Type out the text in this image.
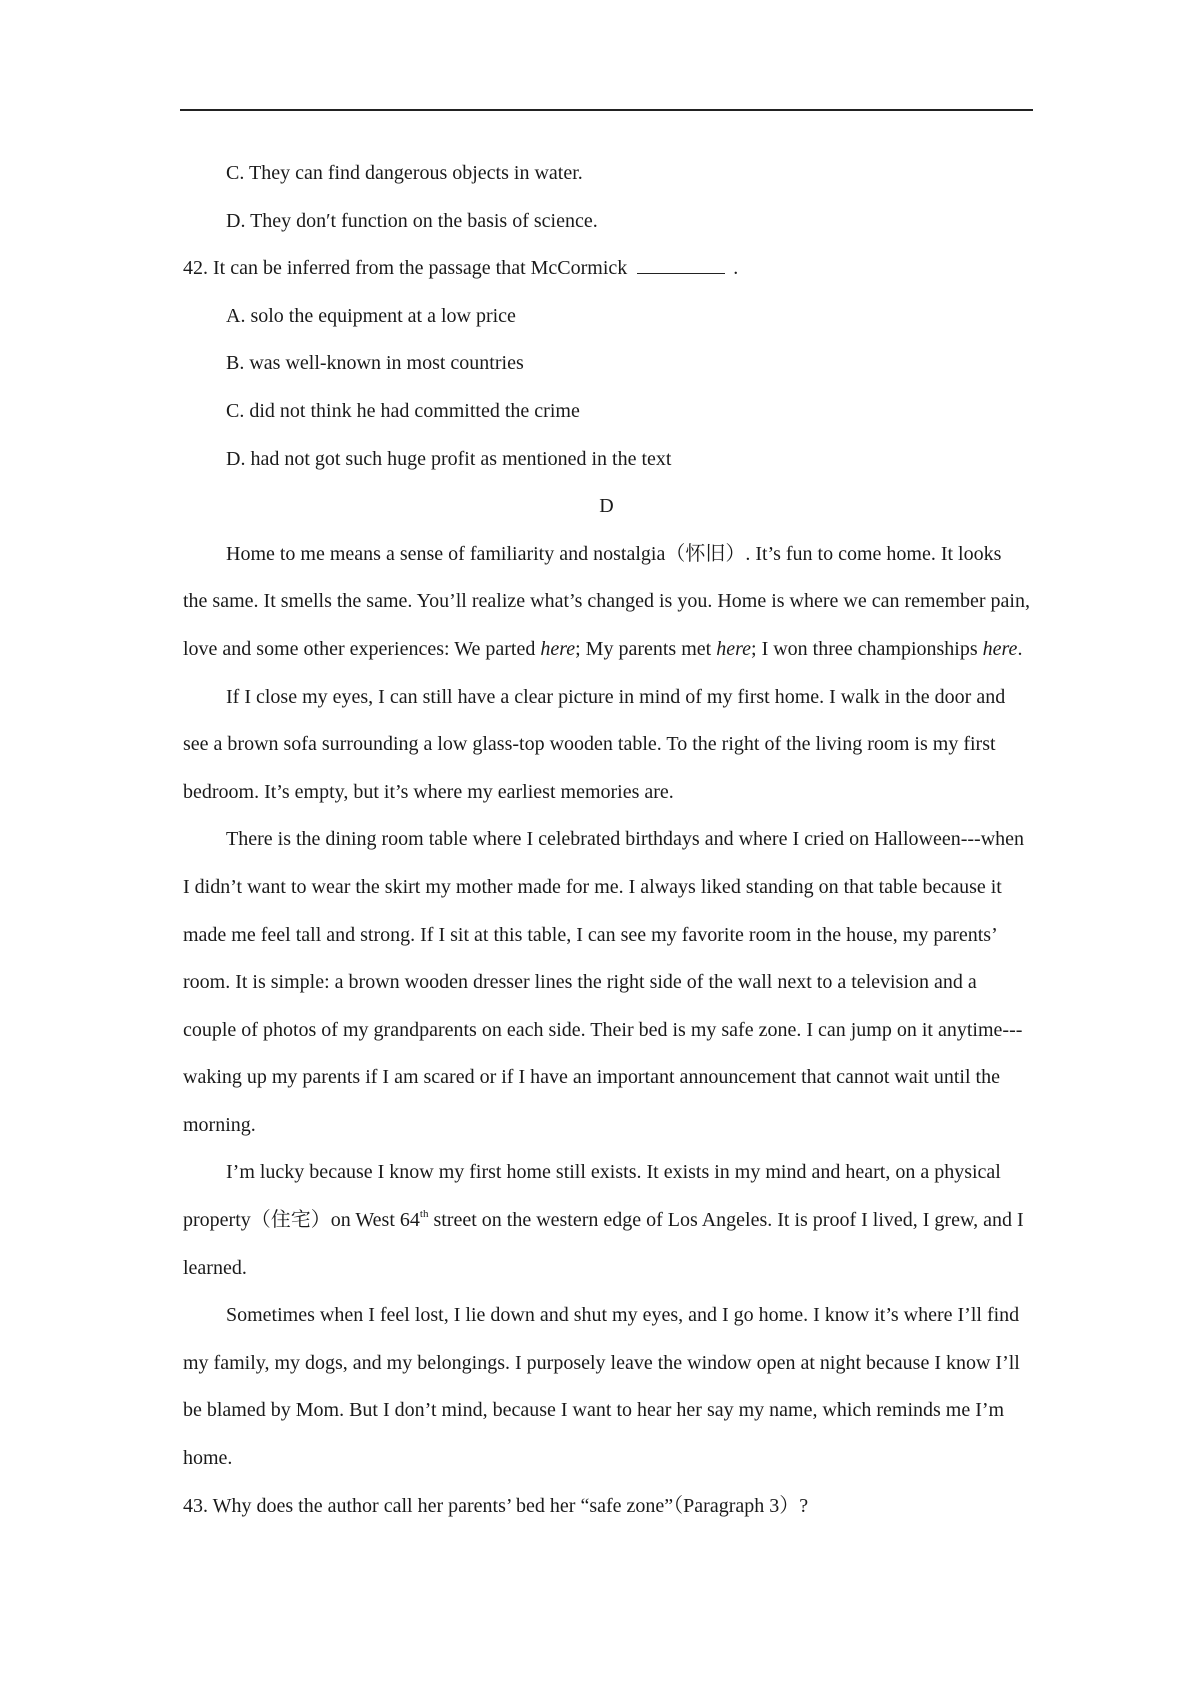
C. They can find dangerous objects in water.

D. They don′t function on the basis of science.

42. It can be inferred from the passage that McCormick	.

A. solo the equipment at a low price

B. was well-known in most countries

C. did not think he had committed the crime

D. had not got such huge profit as mentioned in the text

D

Home to me means a sense of familiarity and nostalgia（怀旧）. It’s fun to come home. It looks the same. It smells the same. You’ll realize what’s changed is you. Home is where we can remember pain, love and some other experiences: We parted here; My parents met here; I won three championships here.

If I close my eyes, I can still have a clear picture in mind of my first home. I walk in the door and see a brown sofa surrounding a low glass-top wooden table. To the right of the living room is my first bedroom. It’s empty, but it’s where my earliest memories are.

There is the dining room table where I celebrated birthdays and where I cried on Halloween---when I didn’t want to wear the skirt my mother made for me. I always liked standing on that table because it made me feel tall and strong. If I sit at this table, I can see my favorite room in the house, my parents’ room. It is simple: a brown wooden dresser lines the right side of the wall next to a television and a couple of photos of my grandparents on each side. Their bed is my safe zone. I can jump on it anytime---waking up my parents if I am scared or if I have an important announcement that cannot wait until the morning.

I’m lucky because I know my first home still exists. It exists in my mind and heart, on a physical property（住宅）on West 64th street on the western edge of Los Angeles. It is proof I lived, I grew, and I learned.

Sometimes when I feel lost, I lie down and shut my eyes, and I go home. I know it’s where I’ll find my family, my dogs, and my belongings. I purposely leave the window open at night because I know I’ll be blamed by Mom. But I don’t mind, because I want to hear her say my name, which reminds me I’m home.

43. Why does the author call her parents’ bed her “safe zone”（Paragraph 3）?
